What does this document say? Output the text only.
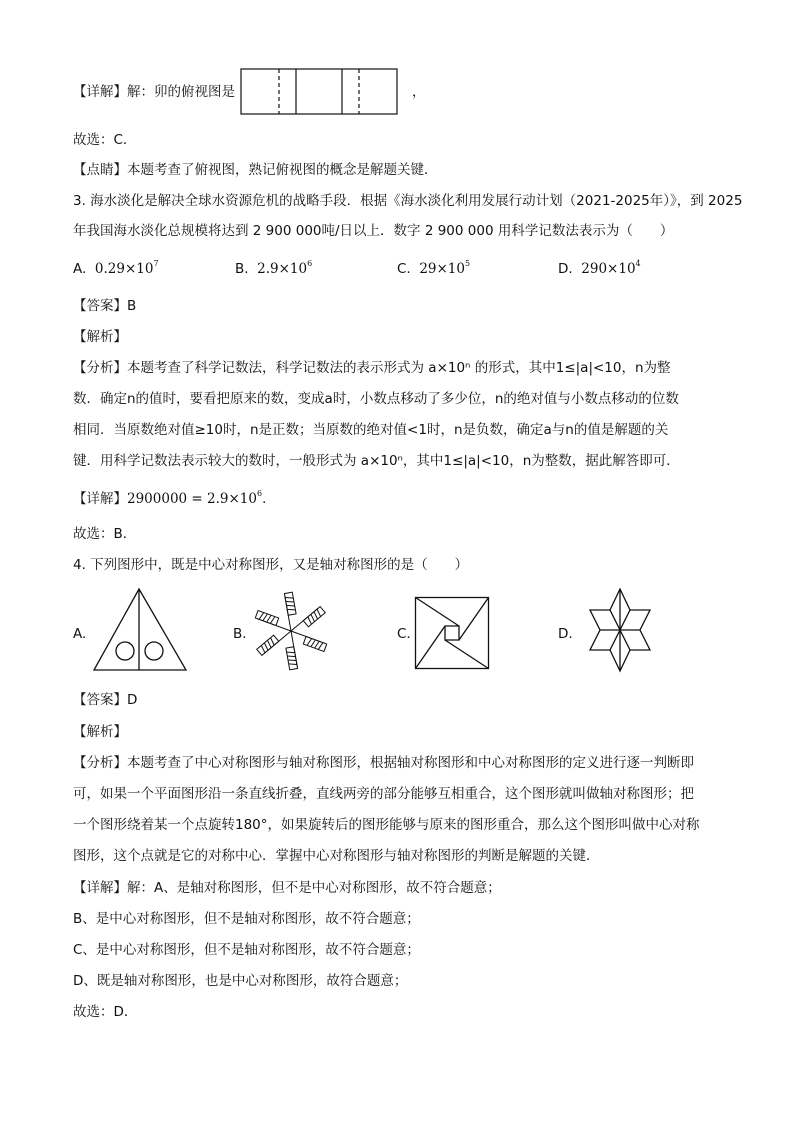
【详解】解：卯的俯视图是	，
故选：C．
【点睛】本题考查了俯视图，熟记俯视图的概念是解题关键．
3. 海水淡化是解决全球水资源危机的战略手段．根据《海水淡化利用发展行动计划（2021-2025年）》，到 2025
年我国海水淡化总规模将达到 2 900 000吨/日以上．数字 2 900 000 用科学记数法表示为（　　）
A. $0.29\times 10^7$	B. $2.9\times 10^6$	C. $29\times 10^5$	D. $290\times 10^4$
【答案】B
【解析】
【分析】本题考查了科学记数法，科学记数法的表示形式为 a×10ⁿ 的形式，其中1≤|a|<10，n为整
数．确定n的值时，要看把原来的数，变成a时，小数点移动了多少位，n的绝对值与小数点移动的位数
相同．当原数绝对值≥10时，n是正数；当原数的绝对值<1时，n是负数，确定a与n的值是解题的关
键．用科学记数法表示较大的数时，一般形式为 a×10ⁿ，其中1≤|a|<10，n为整数，据此解答即可．
【详解】$2900000 = 2.9\times 10^6$．
故选：B．
4. 下列图形中，既是中心对称图形，又是轴对称图形的是（　　）
A.	B.	C.	D.
【答案】D
【解析】
【分析】本题考查了中心对称图形与轴对称图形，根据轴对称图形和中心对称图形的定义进行逐一判断即
可，如果一个平面图形沿一条直线折叠，直线两旁的部分能够互相重合，这个图形就叫做轴对称图形；把
一个图形绕着某一个点旋转180°，如果旋转后的图形能够与原来的图形重合，那么这个图形叫做中心对称
图形，这个点就是它的对称中心．掌握中心对称图形与轴对称图形的判断是解题的关键．
【详解】解：A、是轴对称图形，但不是中心对称图形，故不符合题意；
B、是中心对称图形，但不是轴对称图形，故不符合题意；
C、是中心对称图形，但不是轴对称图形，故不符合题意；
D、既是轴对称图形，也是中心对称图形，故符合题意；
故选：D．
